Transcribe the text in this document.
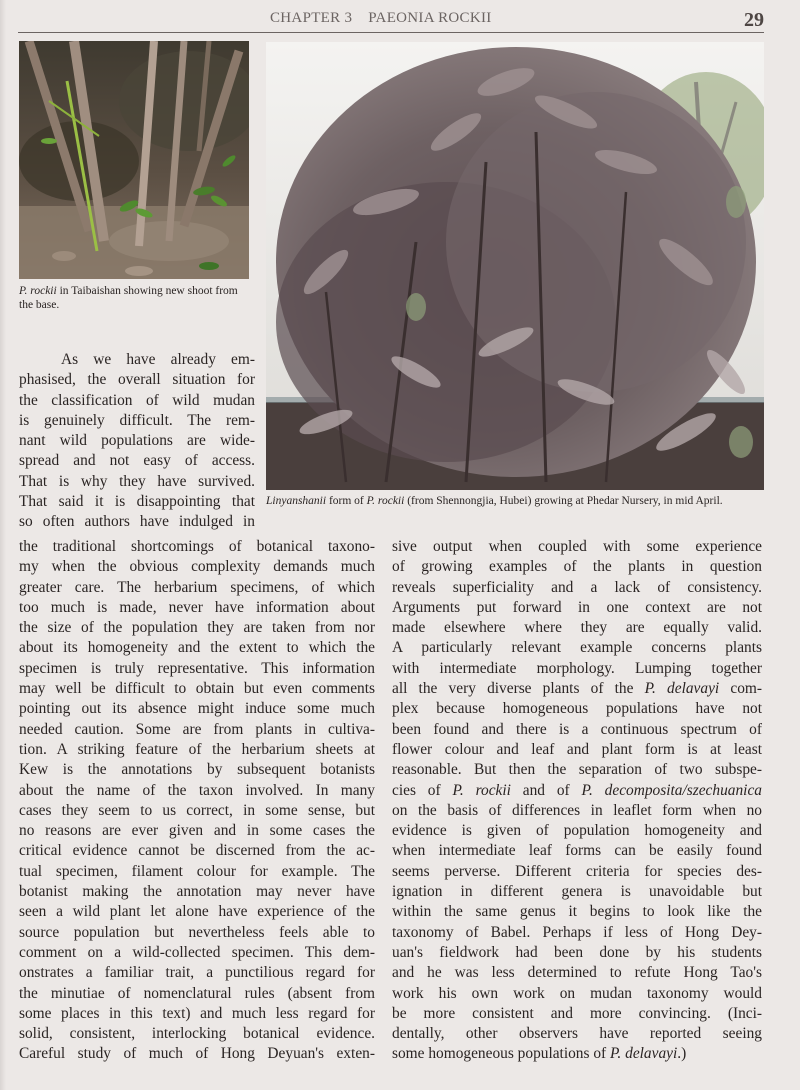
CHAPTER 3 PAEONIA ROCKII	29
P. rockii in Taibaishan showing new shoot from the base.
Linyanshanii form of P. rockii (from Shennongjia, Hubei) growing at Phedar Nursery, in mid April.
As we have already em-
phasised, the overall situation for
the classification of wild mudan
is genuinely difficult. The rem-
nant wild populations are wide-
spread and not easy of access.
That is why they have survived.
That said it is disappointing that
so often authors have indulged in
the traditional shortcomings of botanical taxono-
my when the obvious complexity demands much
greater care. The herbarium specimens, of which
too much is made, never have information about
the size of the population they are taken from nor
about its homogeneity and the extent to which the
specimen is truly representative. This information
may well be difficult to obtain but even comments
pointing out its absence might induce some much
needed caution. Some are from plants in cultiva-
tion. A striking feature of the herbarium sheets at
Kew is the annotations by subsequent botanists
about the name of the taxon involved. In many
cases they seem to us correct, in some sense, but
no reasons are ever given and in some cases the
critical evidence cannot be discerned from the ac-
tual specimen, filament colour for example. The
botanist making the annotation may never have
seen a wild plant let alone have experience of the
source population but nevertheless feels able to
comment on a wild-collected specimen. This dem-
onstrates a familiar trait, a punctilious regard for
the minutiae of nomenclatural rules (absent from
some places in this text) and much less regard for
solid, consistent, interlocking botanical evidence.
Careful study of much of Hong Deyuan's exten-
sive output when coupled with some experience
of growing examples of the plants in question
reveals superficiality and a lack of consistency.
Arguments put forward in one context are not
made elsewhere where they are equally valid.
A particularly relevant example concerns plants
with intermediate morphology. Lumping together
all the very diverse plants of the P. delavayi com-
plex because homogeneous populations have not
been found and there is a continuous spectrum of
flower colour and leaf and plant form is at least
reasonable. But then the separation of two subspe-
cies of P. rockii and of P. decomposita/szechuanica
on the basis of differences in leaflet form when no
evidence is given of population homogeneity and
when intermediate leaf forms can be easily found
seems perverse. Different criteria for species des-
ignation in different genera is unavoidable but
within the same genus it begins to look like the
taxonomy of Babel. Perhaps if less of Hong Dey-
uan's fieldwork had been done by his students
and he was less determined to refute Hong Tao's
work his own work on mudan taxonomy would
be more consistent and more convincing. (Inci-
dentally, other observers have reported seeing
some homogeneous populations of P. delavayi.)
